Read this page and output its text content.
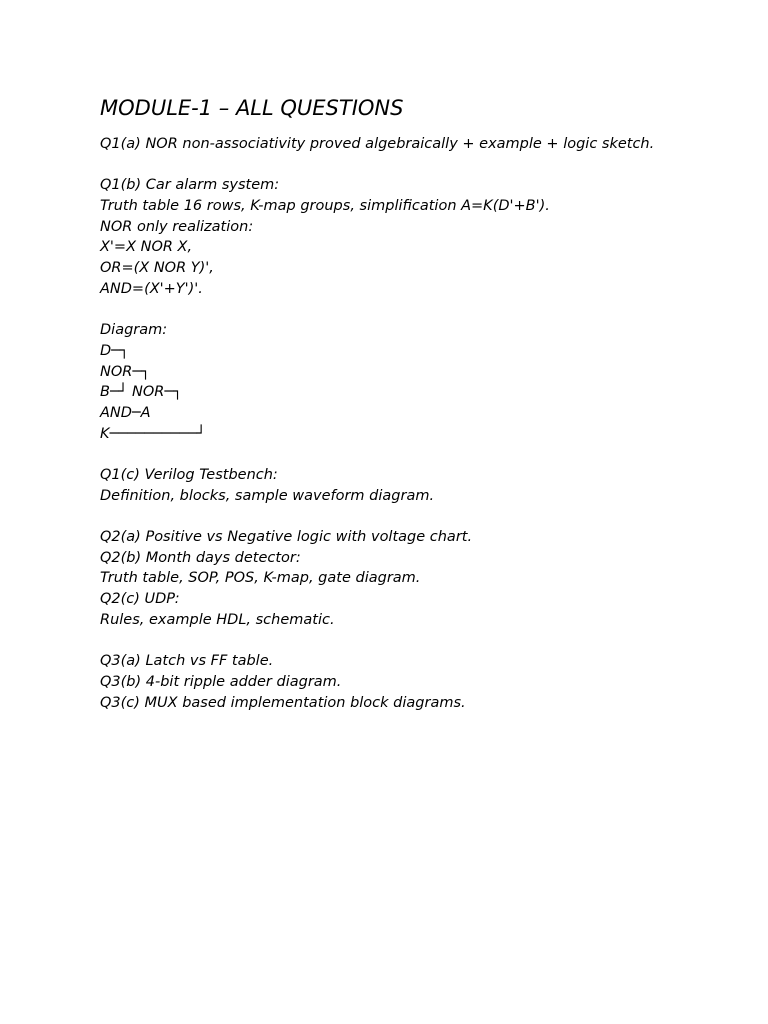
MODULE-1 – ALL QUESTIONS
Q1(a) NOR non-associativity proved algebraically + example + logic sketch.
Q1(b) Car alarm system:
Truth table 16 rows, K-map groups, simplification A=K(D'+B').
NOR only realization:
X'=X NOR X,
OR=(X NOR Y)',
AND=(X'+Y')'.
Diagram:
D─┐
NOR─┐
B─┘ NOR─┐
AND─A
K──────────┘
Q1(c) Verilog Testbench:
Definition, blocks, sample waveform diagram.
Q2(a) Positive vs Negative logic with voltage chart.
Q2(b) Month days detector:
Truth table, SOP, POS, K-map, gate diagram.
Q2(c) UDP:
Rules, example HDL, schematic.
Q3(a) Latch vs FF table.
Q3(b) 4-bit ripple adder diagram.
Q3(c) MUX based implementation block diagrams.
